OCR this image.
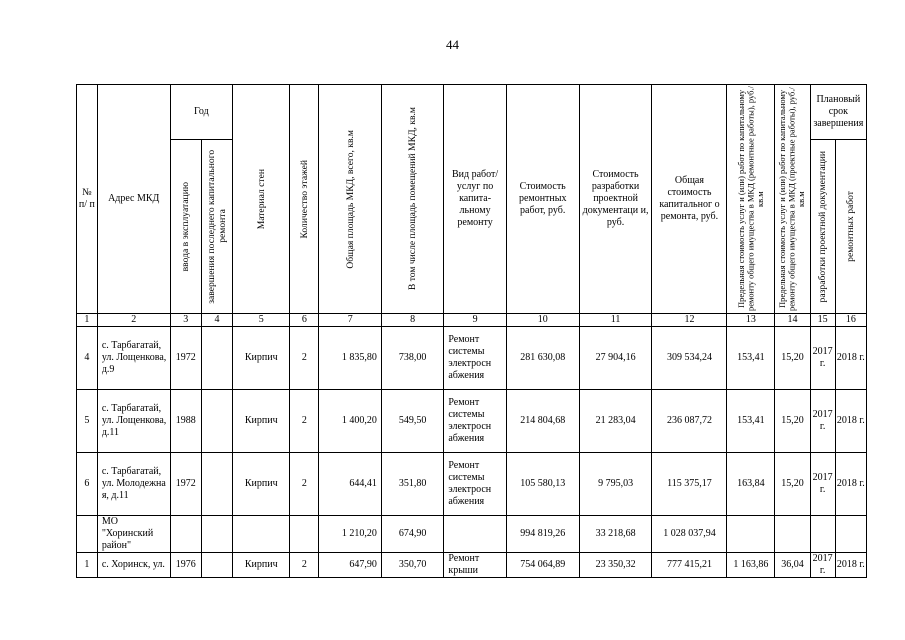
44
№ п/ п	Адрес МКД	Год		Материал стен	Количество этажей	Общая площадь МКД, всего, кв.м	В том числе площадь помещений МКД, кв.м	Вид работ/ услуг по капита- льному ремонту	Стоимость ремонтных работ, руб.	Стоимость разработки проектной документаци и, руб.	Общая стоимость капитальног о ремонта, руб.	Предельная стоимость услуг и (или) работ по капитальному ремонту общего имущества в МКД (ремонтные работы), руб./кв.м	Предельная стоимость услуг и (или) работ по капитальному ремонту общего имущества в МКД (проектные работы), руб./кв.м	Плановый срок завершения	

		ввода в эксплуатацию	завершения последнего капитального ремонта											разработки проектной документации	ремонтных работ

1	2	3	4	5	6	7	8	9	10	11	12	13	14	15	16
4	с. Тарбагатай, ул. Лощенкова, д.9	1972		Кирпич	2	1 835,80	738,00	Ремонт системы электросн абжения	281 630,08	27 904,16	309 534,24	153,41	15,20	2017 г.	2018 г.
5	с. Тарбагатай, ул. Лощенкова, д.11	1988		Кирпич	2	1 400,20	549,50	Ремонт системы электросн абжения	214 804,68	21 283,04	236 087,72	153,41	15,20	2017 г.	2018 г.
6	с. Тарбагатай, ул. Молодежна я, д.11	1972		Кирпич	2	644,41	351,80	Ремонт системы электросн абжения	105 580,13	9 795,03	115 375,17	163,84	15,20	2017 г.	2018 г.
	МО "Хоринский район"					1 210,20	674,90		994 819,26	33 218,68	1 028 037,94				
1	с. Хоринск, ул.	1976		Кирпич	2	647,90	350,70	Ремонт крыши	754 064,89	23 350,32	777 415,21	1 163,86	36,04	2017 г.	2018 г.
